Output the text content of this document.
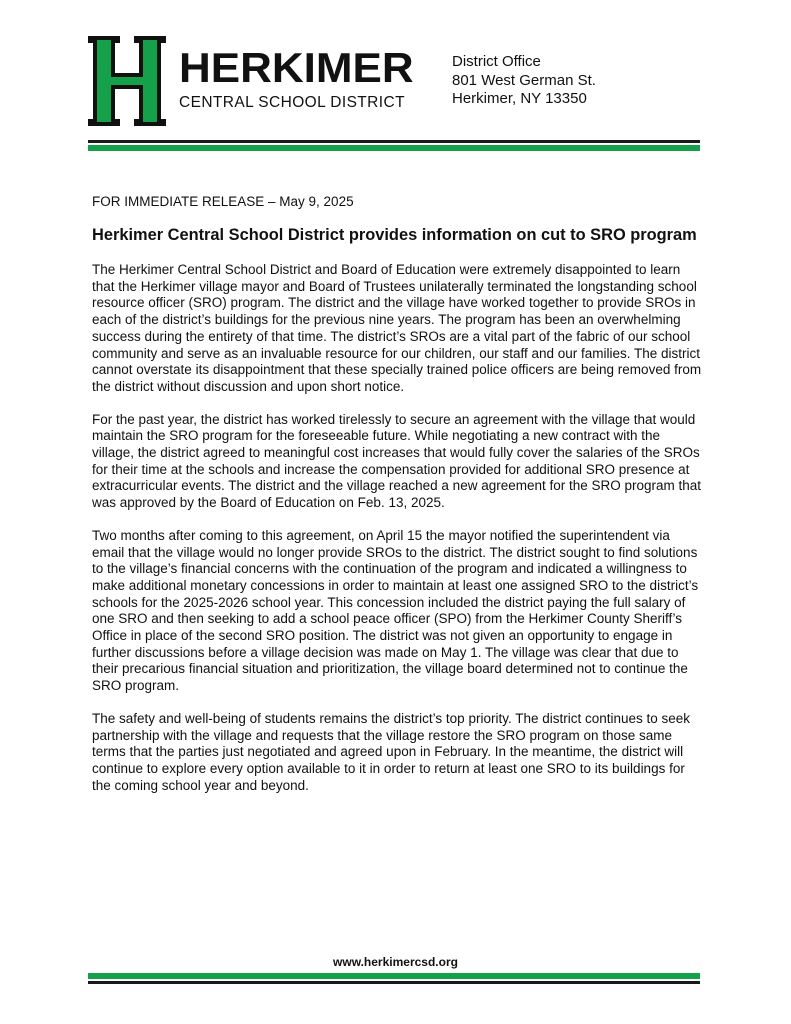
HERKIMER
CENTRAL SCHOOL DISTRICT
District Office
801 West German St.
Herkimer, NY 13350

FOR IMMEDIATE RELEASE – May 9, 2025

Herkimer Central School District provides information on cut to SRO program

The Herkimer Central School District and Board of Education were extremely disappointed to learn that the Herkimer village mayor and Board of Trustees unilaterally terminated the longstanding school resource officer (SRO) program. The district and the village have worked together to provide SROs in each of the district’s buildings for the previous nine years. The program has been an overwhelming success during the entirety of that time. The district’s SROs are a vital part of the fabric of our school community and serve as an invaluable resource for our children, our staff and our families. The district cannot overstate its disappointment that these specially trained police officers are being removed from the district without discussion and upon short notice.

For the past year, the district has worked tirelessly to secure an agreement with the village that would maintain the SRO program for the foreseeable future. While negotiating a new contract with the village, the district agreed to meaningful cost increases that would fully cover the salaries of the SROs for their time at the schools and increase the compensation provided for additional SRO presence at extracurricular events. The district and the village reached a new agreement for the SRO program that was approved by the Board of Education on Feb. 13, 2025.

Two months after coming to this agreement, on April 15 the mayor notified the superintendent via email that the village would no longer provide SROs to the district. The district sought to find solutions to the village’s financial concerns with the continuation of the program and indicated a willingness to make additional monetary concessions in order to maintain at least one assigned SRO to the district’s schools for the 2025-2026 school year. This concession included the district paying the full salary of one SRO and then seeking to add a school peace officer (SPO) from the Herkimer County Sheriff’s Office in place of the second SRO position. The district was not given an opportunity to engage in further discussions before a village decision was made on May 1. The village was clear that due to their precarious financial situation and prioritization, the village board determined not to continue the SRO program.

The safety and well-being of students remains the district’s top priority. The district continues to seek partnership with the village and requests that the village restore the SRO program on those same terms that the parties just negotiated and agreed upon in February. In the meantime, the district will continue to explore every option available to it in order to return at least one SRO to its buildings for the coming school year and beyond.

www.herkimercsd.org
